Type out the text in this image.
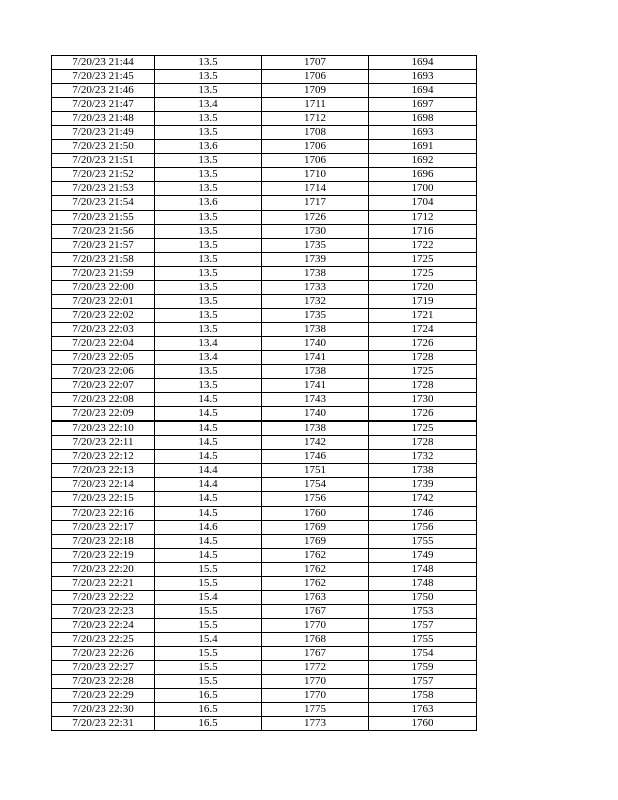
7/20/23 21:44	13.5	1707	1694
7/20/23 21:45	13.5	1706	1693
7/20/23 21:46	13.5	1709	1694
7/20/23 21:47	13.4	1711	1697
7/20/23 21:48	13.5	1712	1698
7/20/23 21:49	13.5	1708	1693
7/20/23 21:50	13.6	1706	1691
7/20/23 21:51	13.5	1706	1692
7/20/23 21:52	13.5	1710	1696
7/20/23 21:53	13.5	1714	1700
7/20/23 21:54	13.6	1717	1704
7/20/23 21:55	13.5	1726	1712
7/20/23 21:56	13.5	1730	1716
7/20/23 21:57	13.5	1735	1722
7/20/23 21:58	13.5	1739	1725
7/20/23 21:59	13.5	1738	1725
7/20/23 22:00	13.5	1733	1720
7/20/23 22:01	13.5	1732	1719
7/20/23 22:02	13.5	1735	1721
7/20/23 22:03	13.5	1738	1724
7/20/23 22:04	13.4	1740	1726
7/20/23 22:05	13.4	1741	1728
7/20/23 22:06	13.5	1738	1725
7/20/23 22:07	13.5	1741	1728
7/20/23 22:08	14.5	1743	1730
7/20/23 22:09	14.5	1740	1726
7/20/23 22:10	14.5	1738	1725
7/20/23 22:11	14.5	1742	1728
7/20/23 22:12	14.5	1746	1732
7/20/23 22:13	14.4	1751	1738
7/20/23 22:14	14.4	1754	1739
7/20/23 22:15	14.5	1756	1742
7/20/23 22:16	14.5	1760	1746
7/20/23 22:17	14.6	1769	1756
7/20/23 22:18	14.5	1769	1755
7/20/23 22:19	14.5	1762	1749
7/20/23 22:20	15.5	1762	1748
7/20/23 22:21	15.5	1762	1748
7/20/23 22:22	15.4	1763	1750
7/20/23 22:23	15.5	1767	1753
7/20/23 22:24	15.5	1770	1757
7/20/23 22:25	15.4	1768	1755
7/20/23 22:26	15.5	1767	1754
7/20/23 22:27	15.5	1772	1759
7/20/23 22:28	15.5	1770	1757
7/20/23 22:29	16.5	1770	1758
7/20/23 22:30	16.5	1775	1763
7/20/23 22:31	16.5	1773	1760
